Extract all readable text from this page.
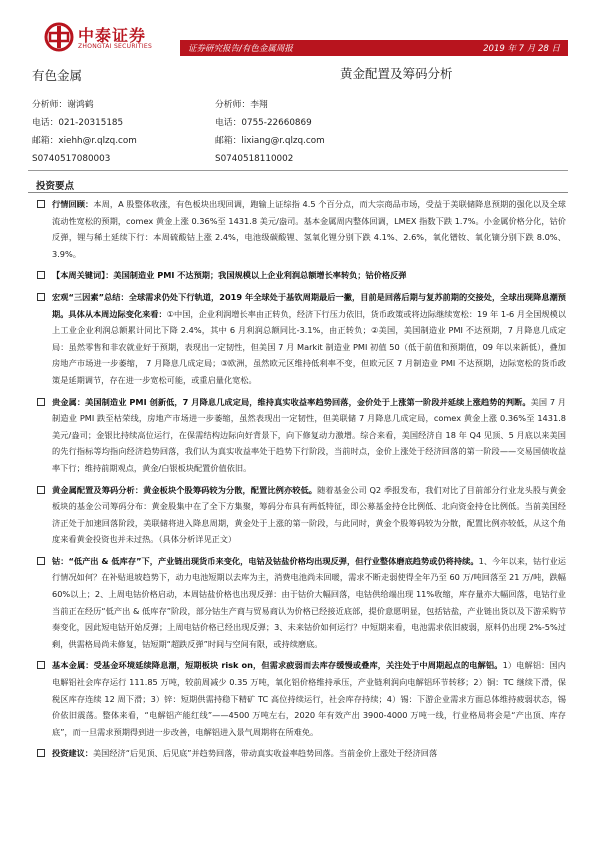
中泰证券
ZHONGTAI SECURITIES	证券研究报告/有色金属周报	2019 年 7 月 28 日
有色金属	黄金配置及筹码分析
分析师：谢鸿鹤
电话：021-20315185
邮箱：xiehh@r.qlzq.com
S0740517080003
分析师：李翔
电话：0755-22660869
邮箱：lixiang@r.qlzq.com
S0740518110002
投资要点
行情回顾：本周，A 股整体收涨，有色板块出现回调，跑输上证综指 4.5 个百分点，而大宗商品市场，受益于美联储降息预期的强化以及全球流动性宽松的预期，comex 黄金上涨 0.36%至 1431.8 美元/盎司。基本金属周内整体回调，LMEX 指数下跌 1.7%。小金属价格分化，钴价反弹，锂与稀土延续下行：本周硫酸钴上涨 2.4%，电池级碳酸锂、氢氧化锂分别下跌 4.1%、2.6%，氧化镨钕、氧化镝分别下跌 8.0%、3.9%。
【本周关键词】：美国制造业 PMI 不达预期；我国规模以上企业利润总额增长率转负；钴价格反弹
宏观“三因素”总结：全球需求仍处下行轨道，2019 年全球处于基钦周期最后一撇，目前是回落后期与复苏前期的交接处，全球出现降息潮预期。具体从本周边际变化来看：①中国，企业利润增长率由正转负，经济下行压力依旧，货币政策或将边际继续宽松：19 年 1-6 月全国规模以上工业企业利润总额累计同比下降 2.4%，其中 6 月利润总额同比-3.1%，由正转负；②美国，美国制造业 PMI 不达预期，7 月降息几成定局：虽然零售和非农就业好于预期，表现出一定韧性，但美国 7 月 Markit 制造业 PMI 初值 50（低于前值和预期值，09 年以来新低），叠加房地产市场进一步萎缩， 7 月降息几成定局；③欧洲，虽然欧元区维持低利率不变，但欧元区 7 月制造业 PMI 不达预期，边际宽松的货币政策是延期调节，存在进一步宽松可能，或重启量化宽松。
贵金属：美国制造业 PMI 创新低，7 月降息几成定局，维持真实收益率趋势回落，金价处于上涨第一阶段并延续上涨趋势的判断。美国 7 月制造业 PMI 跌至枯荣线，房地产市场进一步萎缩，虽然表现出一定韧性，但美联储 7 月降息几成定局，comex 黄金上涨 0.36%至 1431.8 美元/盎司；金银比持续高位运行，在保需结构边际向好背景下，向下修复动力激增。综合来看，美国经济自 18 年 Q4 见顶、5 月底以来美国的先行指标等均指向经济趋势回落，我们认为真实收益率处于趋势下行阶段，当前时点，金价上涨处于经济回落的第一阶段——交易国债收益率下行；维持前期观点，黄金/白银板块配置价值依旧。
黄金属配置及筹码分析：黄金板块个股筹码较为分散，配置比例亦较低。随着基金公司 Q2 季报发布，我们对比了目前部分行业龙头股与黄金板块的基金公司筹码分布：黄金股集中在了全下方集聚，筹码分布具有两低特征，即公募基金持仓比例低、北向资金持仓比例低。当前美国经济正处于加速回落阶段，美联储将进入降息周期，黄金处于上涨的第一阶段，与此同时，黄金个股筹码较为分散，配置比例亦较低，从这个角度来看黄金投资也并未过热。（具体分析详见正文）
钴：“低产出 & 低库存”下，产业链出现货币来变化，电钴及钴盐价格均出现反弹，但行业整体磨底趋势或仍将持续。1、今年以来，钴行业运行情况如何？在补贴退坡趋势下，动力电池短期以去库为主，消费电池尚未回暖，需求不断走弱使得全年乃至 60 万/吨回落至 21 万/吨，跌幅 60%以上；2、上周电钴价格启动，本周钴盐价格也出现反弹：由于钴价大幅回落，电钴供给端出现 11%收缩，库存量亦大幅回落，电钴行业当前正在经历“低产出 & 低库存”阶段，部分钴生产商与贸易商认为价格已经接近底部，提价意愿明显，包括钴盐，产业链出货以及下游采购节奏变化，因此短电钴开始反弹；上周电钴价格已经出现反弹；3、未来钴价如何运行？中短期来看，电池需求依旧疲弱，原料仍出现 2%-5%过剩，供需格局尚未修复，钴短期“超跌反弹”时间与空间有限，或持续磨底。
基本金属：受基金环境延续降息潮，短期板块 risk on，但需求疲弱而去库存缓慢或叠库，关注处于中周期起点的电解铝。1）电解铝：国内电解铝社会库存运行 111.85 万吨，较前周减少 0.35 万吨，氧化铝价格维持承压，产业链利润向电解铝环节转移；2）铜：TC 继续下滑，保税区库存连续 12 周下滑；3）锌：短期供需持稳下精矿 TC 高位持续运行，社会库存持续；4）锡：下游企业需求方面总体维持疲弱状态，锡价依旧震荡。整体来看，“电解铝产能红线”——4500 万吨左右，2020 年有效产出 3900-4000 万吨一线，行业格局将会是“产出顶、库存底”，而一旦需求预期得到进一步改善，电解铝进入景气周期将在所难免。
投资建议：美国经济“后见顶、后见底”并趋势回落，带动真实收益率趋势回落。当前金价上涨处于经济回落
